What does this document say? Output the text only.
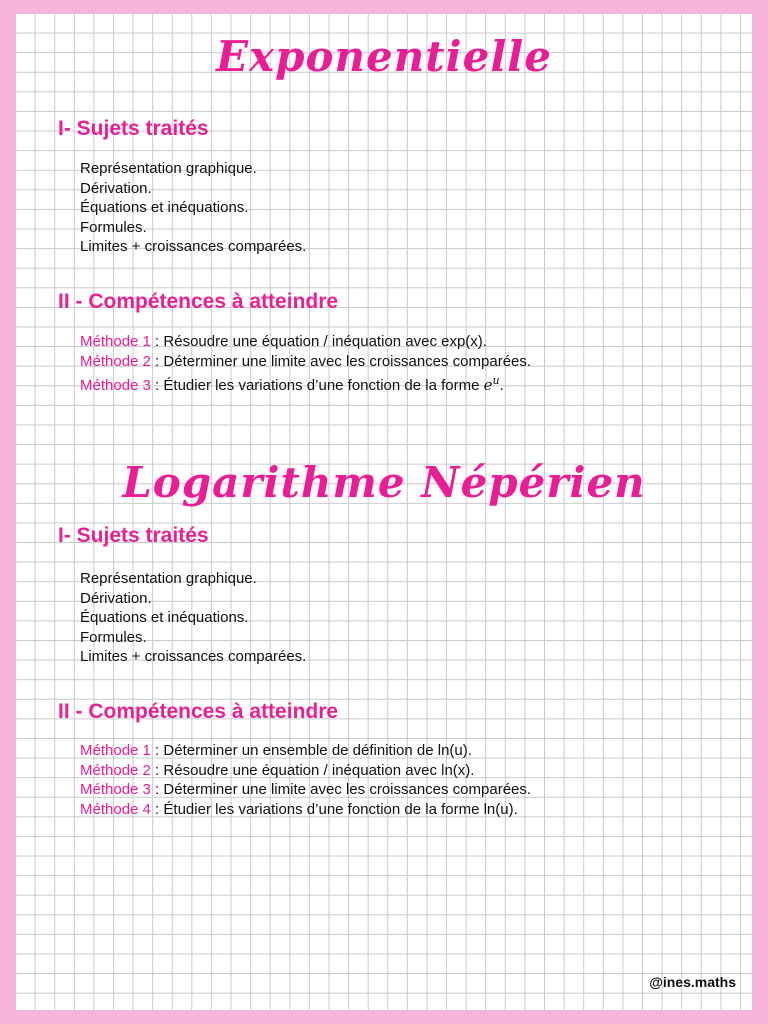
Exponentielle
I- Sujets traités
Représentation graphique.
Dérivation.
Équations et inéquations.
Formules.
Limites + croissances comparées.
II - Compétences à atteindre
Méthode 1 : Résoudre une équation / inéquation avec exp(x).
Méthode 2 : Déterminer une limite avec les croissances comparées.
Méthode 3 : Étudier les variations d’une fonction de la forme $e^u$.
Logarithme Népérien
I- Sujets traités
Représentation graphique.
Dérivation.
Équations et inéquations.
Formules.
Limites + croissances comparées.
II - Compétences à atteindre
Méthode 1 : Déterminer un ensemble de définition de ln(u).
Méthode 2 : Résoudre une équation / inéquation avec ln(x).
Méthode 3 : Déterminer une limite avec les croissances comparées.
Méthode 4 : Étudier les variations d’une fonction de la forme ln(u).
@ines.maths
